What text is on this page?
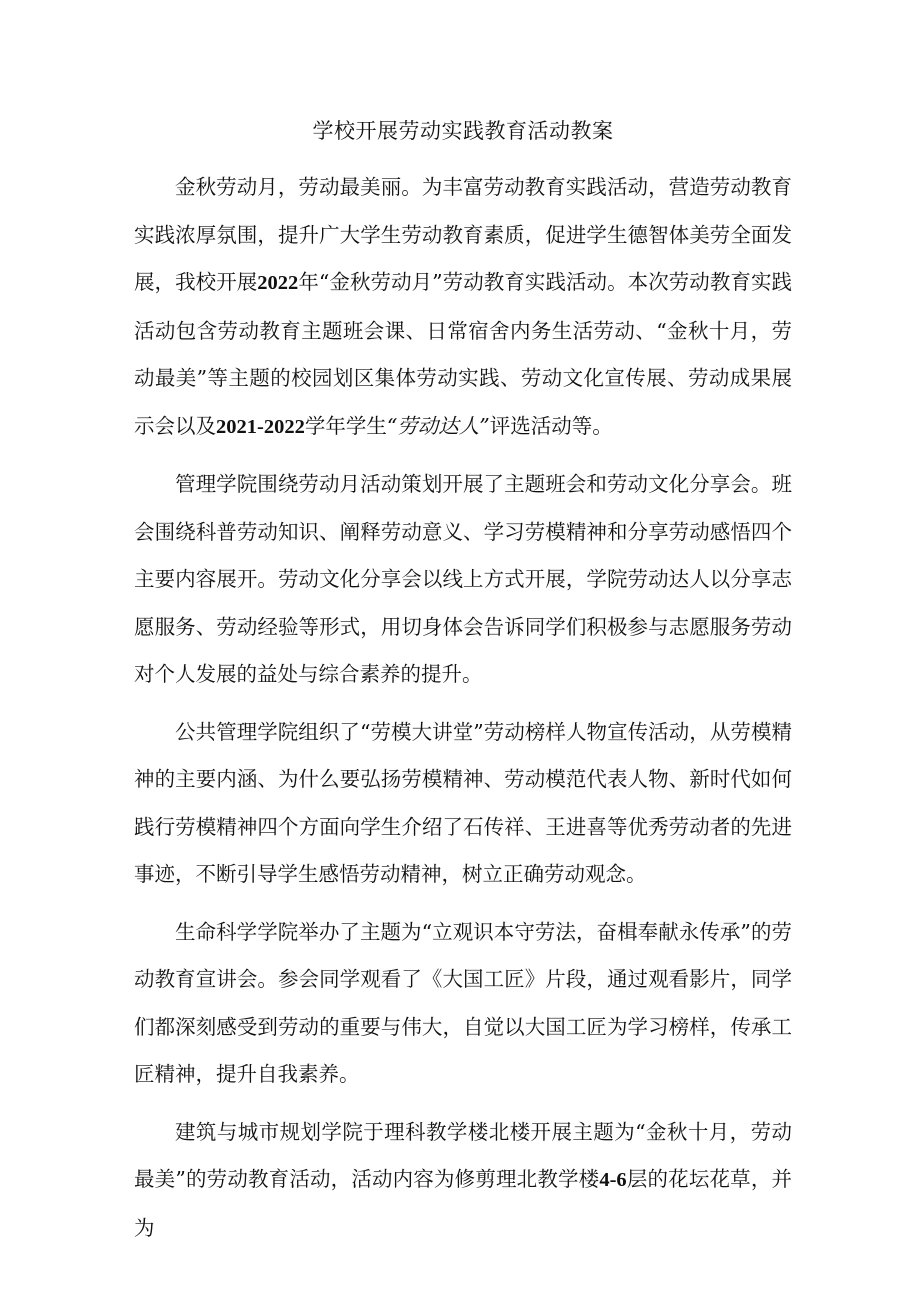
学校开展劳动实践教育活动教案

金秋劳动月，劳动最美丽。为丰富劳动教育实践活动，营造劳动教育实践浓厚氛围，提升广大学生劳动教育素质，促进学生德智体美劳全面发展，我校开展2022年“金秋劳动月”劳动教育实践活动。本次劳动教育实践活动包含劳动教育主题班会课、日常宿舍内务生活劳动、“金秋十月，劳动最美”等主题的校园划区集体劳动实践、劳动文化宣传展、劳动成果展示会以及2021-2022学年学生“劳动达人”评选活动等。

管理学院围绕劳动月活动策划开展了主题班会和劳动文化分享会。班会围绕科普劳动知识、阐释劳动意义、学习劳模精神和分享劳动感悟四个主要内容展开。劳动文化分享会以线上方式开展，学院劳动达人以分享志愿服务、劳动经验等形式，用切身体会告诉同学们积极参与志愿服务劳动对个人发展的益处与综合素养的提升。

公共管理学院组织了“劳模大讲堂”劳动榜样人物宣传活动，从劳模精神的主要内涵、为什么要弘扬劳模精神、劳动模范代表人物、新时代如何践行劳模精神四个方面向学生介绍了石传祥、王进喜等优秀劳动者的先进事迹，不断引导学生感悟劳动精神，树立正确劳动观念。

生命科学学院举办了主题为“立观识本守劳法，奋楫奉献永传承”的劳动教育宣讲会。参会同学观看了《大国工匠》片段，通过观看影片，同学们都深刻感受到劳动的重要与伟大，自觉以大国工匠为学习榜样，传承工匠精神，提升自我素养。

建筑与城市规划学院于理科教学楼北楼开展主题为“金秋十月，劳动最美”的劳动教育活动，活动内容为修剪理北教学楼4-6层的花坛花草，并为
